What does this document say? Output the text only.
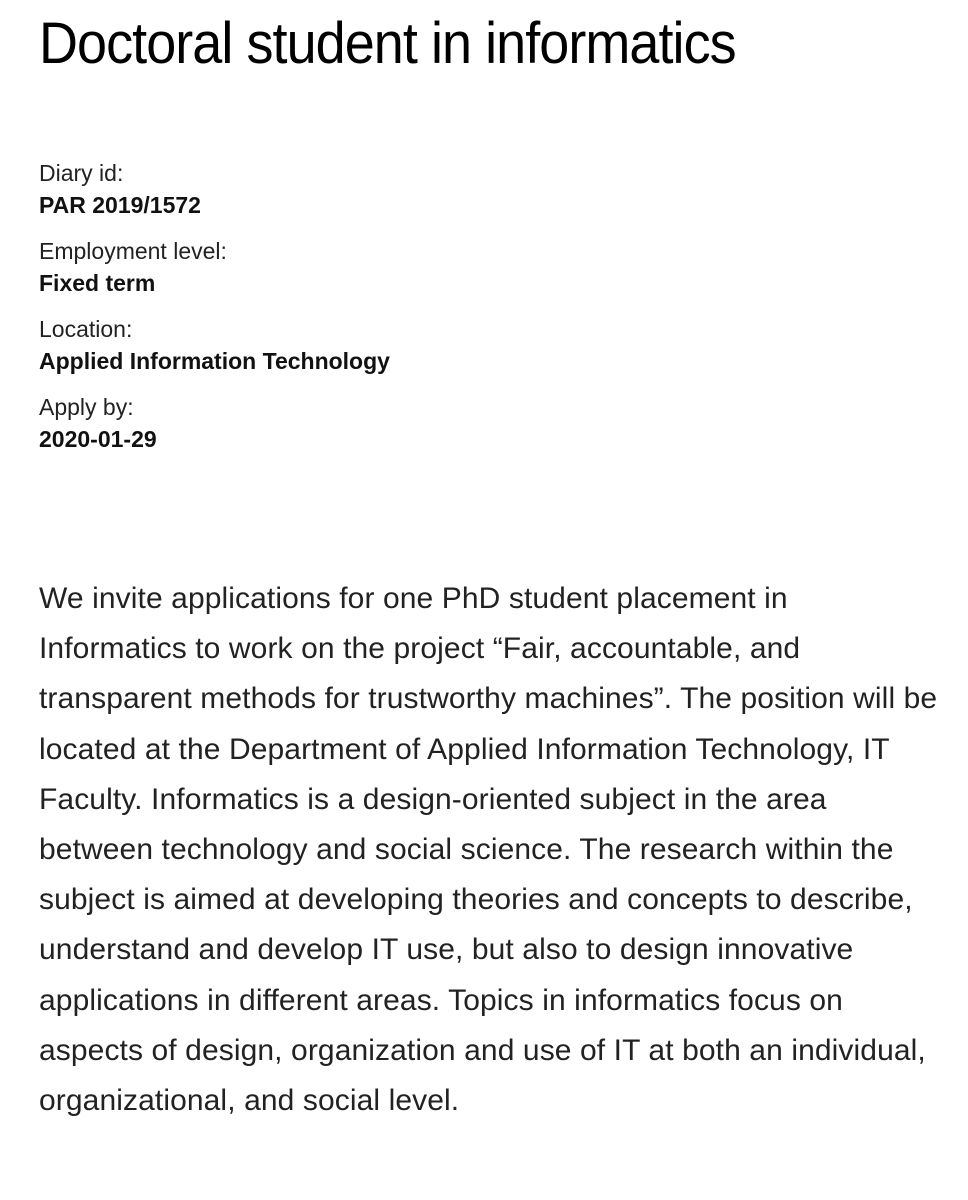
Doctoral student in informatics
Diary id:
PAR 2019/1572
Employment level:
Fixed term
Location:
Applied Information Technology
Apply by:
2020-01-29

We invite applications for one PhD student placement in Informatics to work on the project “Fair, accountable, and transparent methods for trustworthy machines”. The position will be located at the Department of Applied Information Technology, IT Faculty. Informatics is a design-oriented subject in the area between technology and social science. The research within the subject is aimed at developing theories and concepts to describe, understand and develop IT use, but also to design innovative applications in different areas. Topics in informatics focus on aspects of design, organization and use of IT at both an individual, organizational, and social level.
